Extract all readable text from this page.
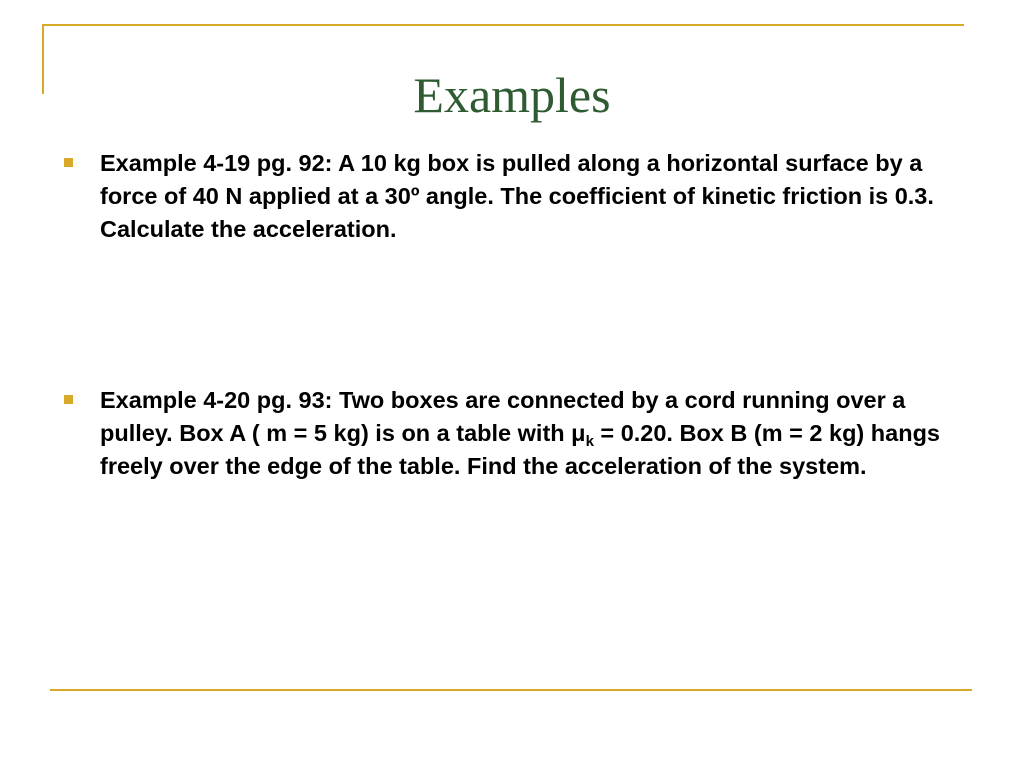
Examples
Example 4-19 pg. 92: A 10 kg box is pulled along a horizontal surface by a force of 40 N applied at a 30º angle. The coefficient of kinetic friction is 0.3. Calculate the acceleration.
Example 4-20 pg. 93: Two boxes are connected by a cord running over a pulley. Box A ( m = 5 kg) is on a table with $\mu_k = 0.20$. Box B (m = 2 kg) hangs freely over the edge of the table. Find the acceleration of the system.
